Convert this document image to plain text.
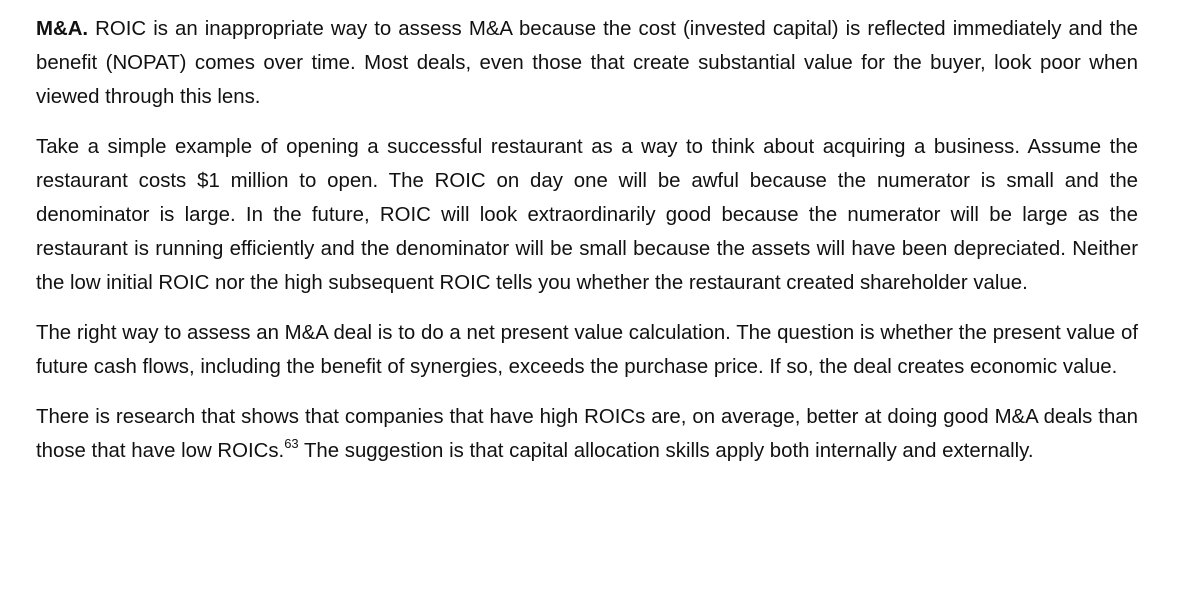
M&A. ROIC is an inappropriate way to assess M&A because the cost (invested capital) is reflected immediately and the benefit (NOPAT) comes over time. Most deals, even those that create substantial value for the buyer, look poor when viewed through this lens.

Take a simple example of opening a successful restaurant as a way to think about acquiring a business. Assume the restaurant costs $1 million to open. The ROIC on day one will be awful because the numerator is small and the denominator is large. In the future, ROIC will look extraordinarily good because the numerator will be large as the restaurant is running efficiently and the denominator will be small because the assets will have been depreciated. Neither the low initial ROIC nor the high subsequent ROIC tells you whether the restaurant created shareholder value.

The right way to assess an M&A deal is to do a net present value calculation. The question is whether the present value of future cash flows, including the benefit of synergies, exceeds the purchase price. If so, the deal creates economic value.

There is research that shows that companies that have high ROICs are, on average, better at doing good M&A deals than those that have low ROICs.$^{63}$ The suggestion is that capital allocation skills apply both internally and externally.
